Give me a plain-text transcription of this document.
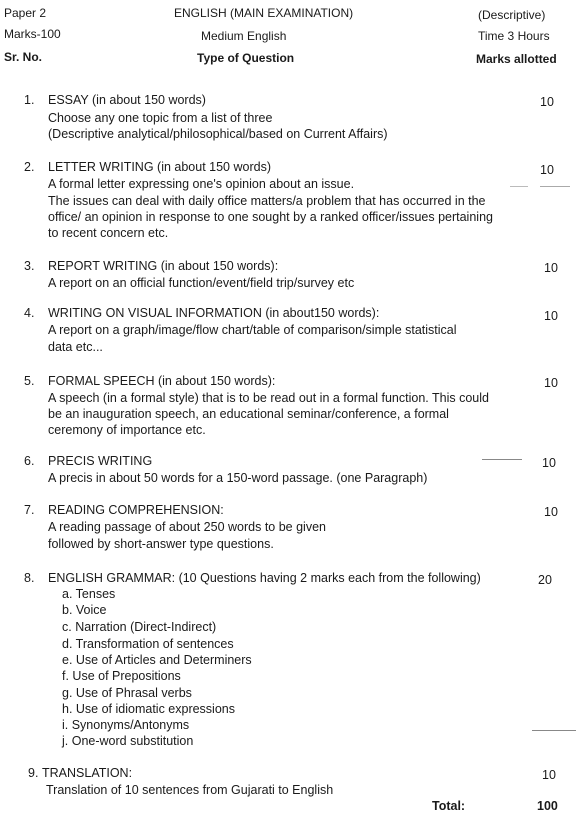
Paper 2	ENGLISH (MAIN EXAMINATION)	(Descriptive)
Marks-100	Medium English	Time 3 Hours
Sr. No.	Type of Question	Marks allotted
1. ESSAY (in about 150 words)
Choose any one topic from a list of three
(Descriptive analytical/philosophical/based on Current Affairs)
10
2. LETTER WRITING (in about 150 words)
A formal letter expressing one's opinion about an issue.
The issues can deal with daily office matters/a problem that has occurred in the
office/ an opinion in response to one sought by a ranked officer/issues pertaining
to recent concern etc.
10
3. REPORT WRITING (in about 150 words):
A report on an official function/event/field trip/survey etc
10
4. WRITING ON VISUAL INFORMATION (in about150 words):
A report on a graph/image/flow chart/table of comparison/simple statistical
data etc...
10
5. FORMAL SPEECH (in about 150 words):
A speech (in a formal style) that is to be read out in a formal function. This could
be an inauguration speech, an educational seminar/conference, a formal
ceremony of importance etc.
10
6. PRECIS WRITING
A precis in about 50 words for a 150-word passage. (one Paragraph)
10
7. READING COMPREHENSION:
A reading passage of about 250 words to be given
followed by short-answer type questions.
10
8. ENGLISH GRAMMAR: (10 Questions having 2 marks each from the following)	20
a. Tenses
b. Voice
c. Narration (Direct-Indirect)
d. Transformation of sentences
e. Use of Articles and Determiners
f. Use of Prepositions
g. Use of Phrasal verbs
h. Use of idiomatic expressions
i. Synonyms/Antonyms
j. One-word substitution
9. TRANSLATION:
Translation of 10 sentences from Gujarati to English
10
Total:	100
